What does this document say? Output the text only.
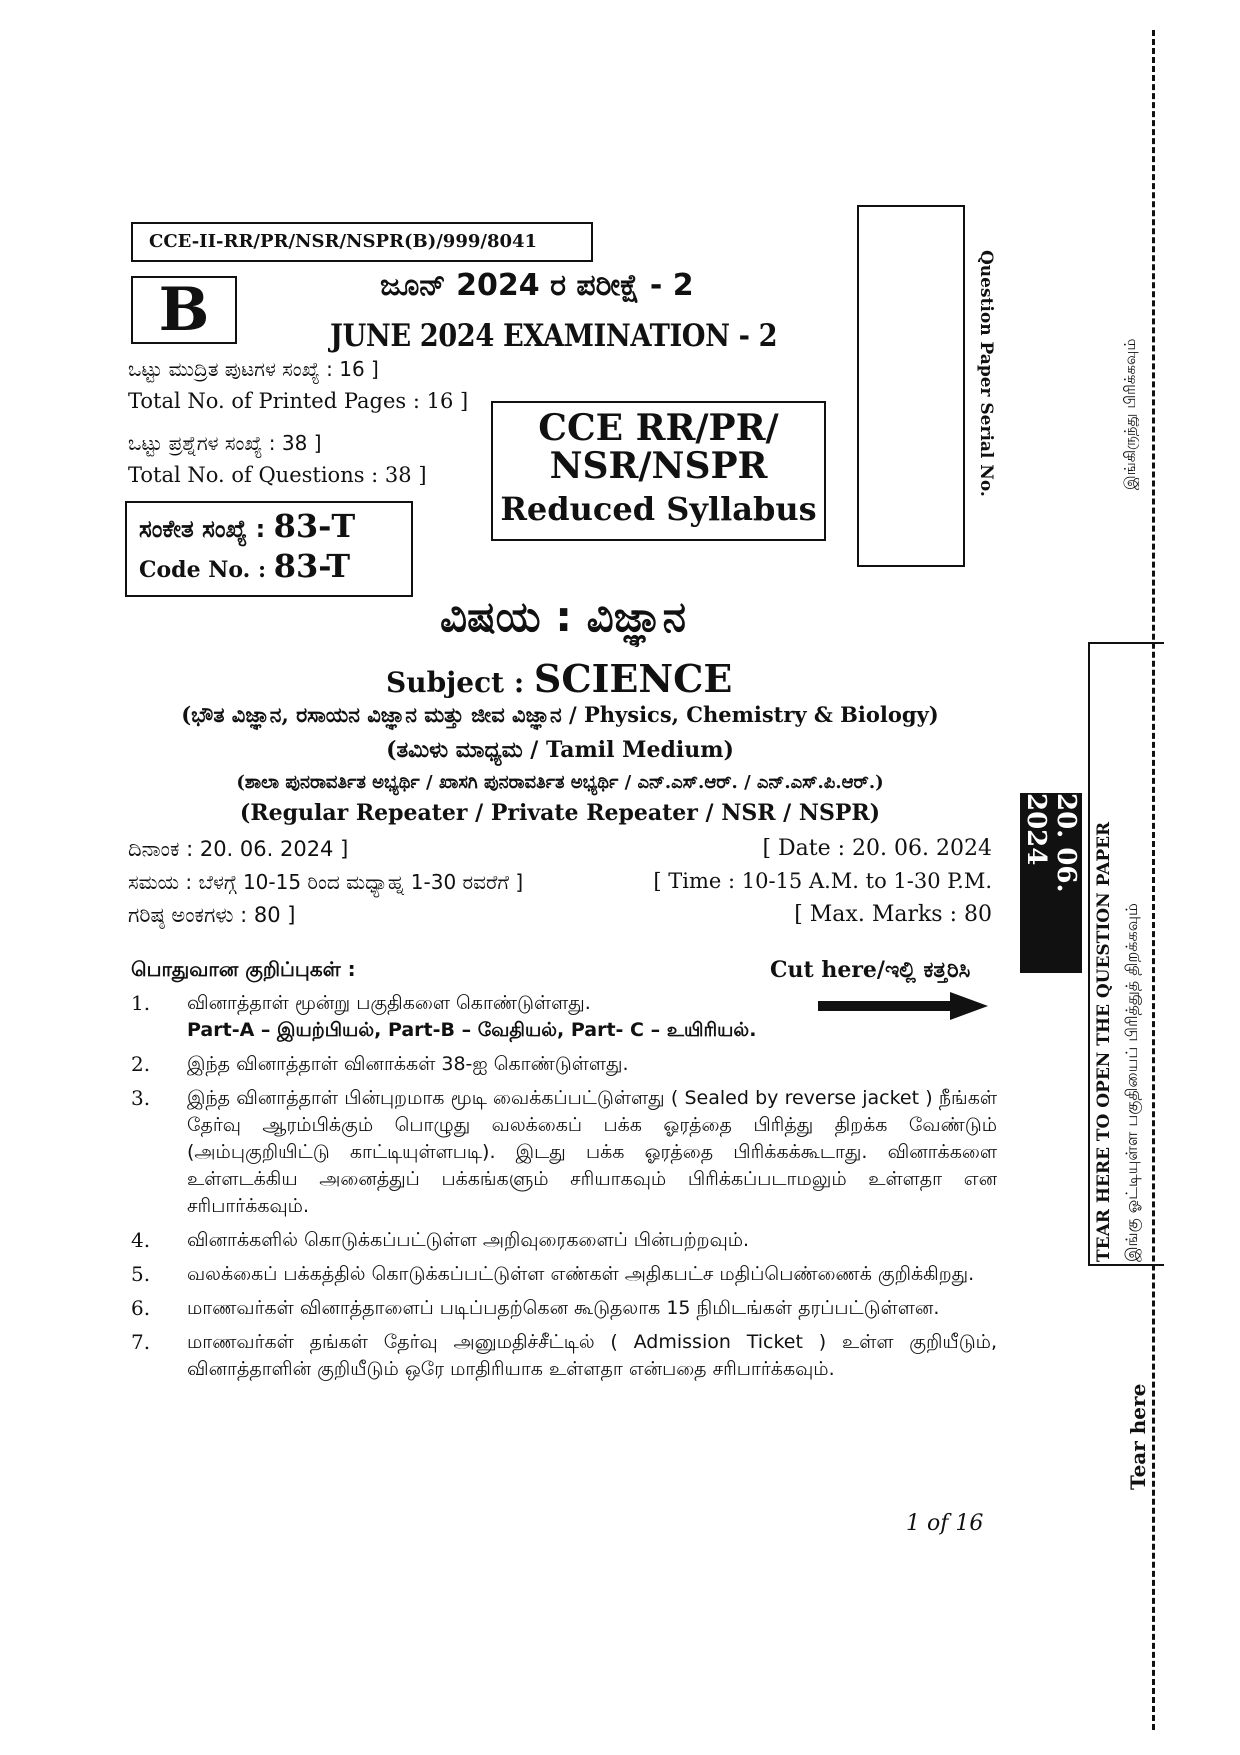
CCE-II-RR/PR/NSR/NSPR(B)/999/8041
B	ಜೂನ್ 2024 ರ ಪರೀಕ್ಷೆ - 2
JUNE 2024 EXAMINATION - 2
ಒಟ್ಟು ಮುದ್ರಿತ ಪುಟಗಳ ಸಂಖ್ಯೆ : 16 ]
Total No. of Printed Pages : 16 ]
ಒಟ್ಟು ಪ್ರಶ್ನೆಗಳ ಸಂಖ್ಯೆ : 38 ]
Total No. of Questions : 38 ]
ಸಂಕೇತ ಸಂಖ್ಯೆ : 83-T
Code No. : 83-T
CCE RR/PR/
NSR/NSPR
Reduced Syllabus
Question Paper Serial No.
ವಿಷಯ : ವಿಜ್ಞಾನ
Subject : SCIENCE
(ಭೌತ ವಿಜ್ಞಾನ, ರಸಾಯನ ವಿಜ್ಞಾನ ಮತ್ತು ಜೀವ ವಿಜ್ಞಾನ / Physics, Chemistry & Biology)
(ತಮಿಳು ಮಾಧ್ಯಮ / Tamil Medium)
(ಶಾಲಾ ಪುನರಾವರ್ತಿತ ಅಭ್ಯರ್ಥಿ / ಖಾಸಗಿ ಪುನರಾವರ್ತಿತ ಅಭ್ಯರ್ಥಿ / ಎನ್.ಎಸ್.ಆರ್. / ಎನ್.ಎಸ್.ಪಿ.ಆರ್.)
(Regular Repeater / Private Repeater / NSR / NSPR)
ದಿನಾಂಕ : 20. 06. 2024 ]	[ Date : 20. 06. 2024
ಸಮಯ : ಬೆಳಗ್ಗೆ 10-15 ರಿಂದ ಮಧ್ಯಾಹ್ನ 1-30 ರವರೆಗೆ ]	[ Time : 10-15 A.M. to 1-30 P.M.
ಗರಿಷ್ಠ ಅಂಕಗಳು : 80 ]	[ Max. Marks : 80
பொதுவான குறிப்புகள் :	Cut here/ಇಲ್ಲಿ ಕತ್ತರಿಸಿ
1.	வினாத்தாள் மூன்று பகுதிகளை கொண்டுள்ளது.
Part-A – இயற்பியல், Part-B – வேதியல், Part- C – உயிரியல்.
2.	இந்த வினாத்தாள் வினாக்கள் 38-ஐ கொண்டுள்ளது.
3.	இந்த வினாத்தாள் பின்புறமாக மூடி வைக்கப்பட்டுள்ளது ( Sealed by reverse jacket ) நீங்கள் தேர்வு ஆரம்பிக்கும் பொழுது வலக்கைப் பக்க ஓரத்தை பிரித்து திறக்க வேண்டும் (அம்புகுறியிட்டு காட்டியுள்ளபடி). இடது பக்க ஓரத்தை பிரிக்கக்கூடாது. வினாக்களை உள்ளடக்கிய அனைத்துப் பக்கங்களும் சரியாகவும் பிரிக்கப்படாமலும் உள்ளதா என சரிபார்க்கவும்.
4.	வினாக்களில் கொடுக்கப்பட்டுள்ள அறிவுரைகளைப் பின்பற்றவும்.
5.	வலக்கைப் பக்கத்தில் கொடுக்கப்பட்டுள்ள எண்கள் அதிகபட்ச மதிப்பெண்ணைக் குறிக்கிறது.
6.	மாணவர்கள் வினாத்தாளைப் படிப்பதற்கென கூடுதலாக 15 நிமிடங்கள் தரப்பட்டுள்ளன.
7.	மாணவர்கள் தங்கள் தேர்வு அனுமதிச்சீட்டில் ( Admission Ticket ) உள்ள குறியீடும், வினாத்தாளின் குறியீடும் ஒரே மாதிரியாக உள்ளதா என்பதை சரிபார்க்கவும்.
1 of 16
இங்கிருந்து பிரிக்கவும்
20. 06. 2024	TEAR HERE TO OPEN THE QUESTION PAPER இங்கு ஓட்டியுள்ள பகுதியைப் பிரித்துத் திறக்கவும்
Tear here
